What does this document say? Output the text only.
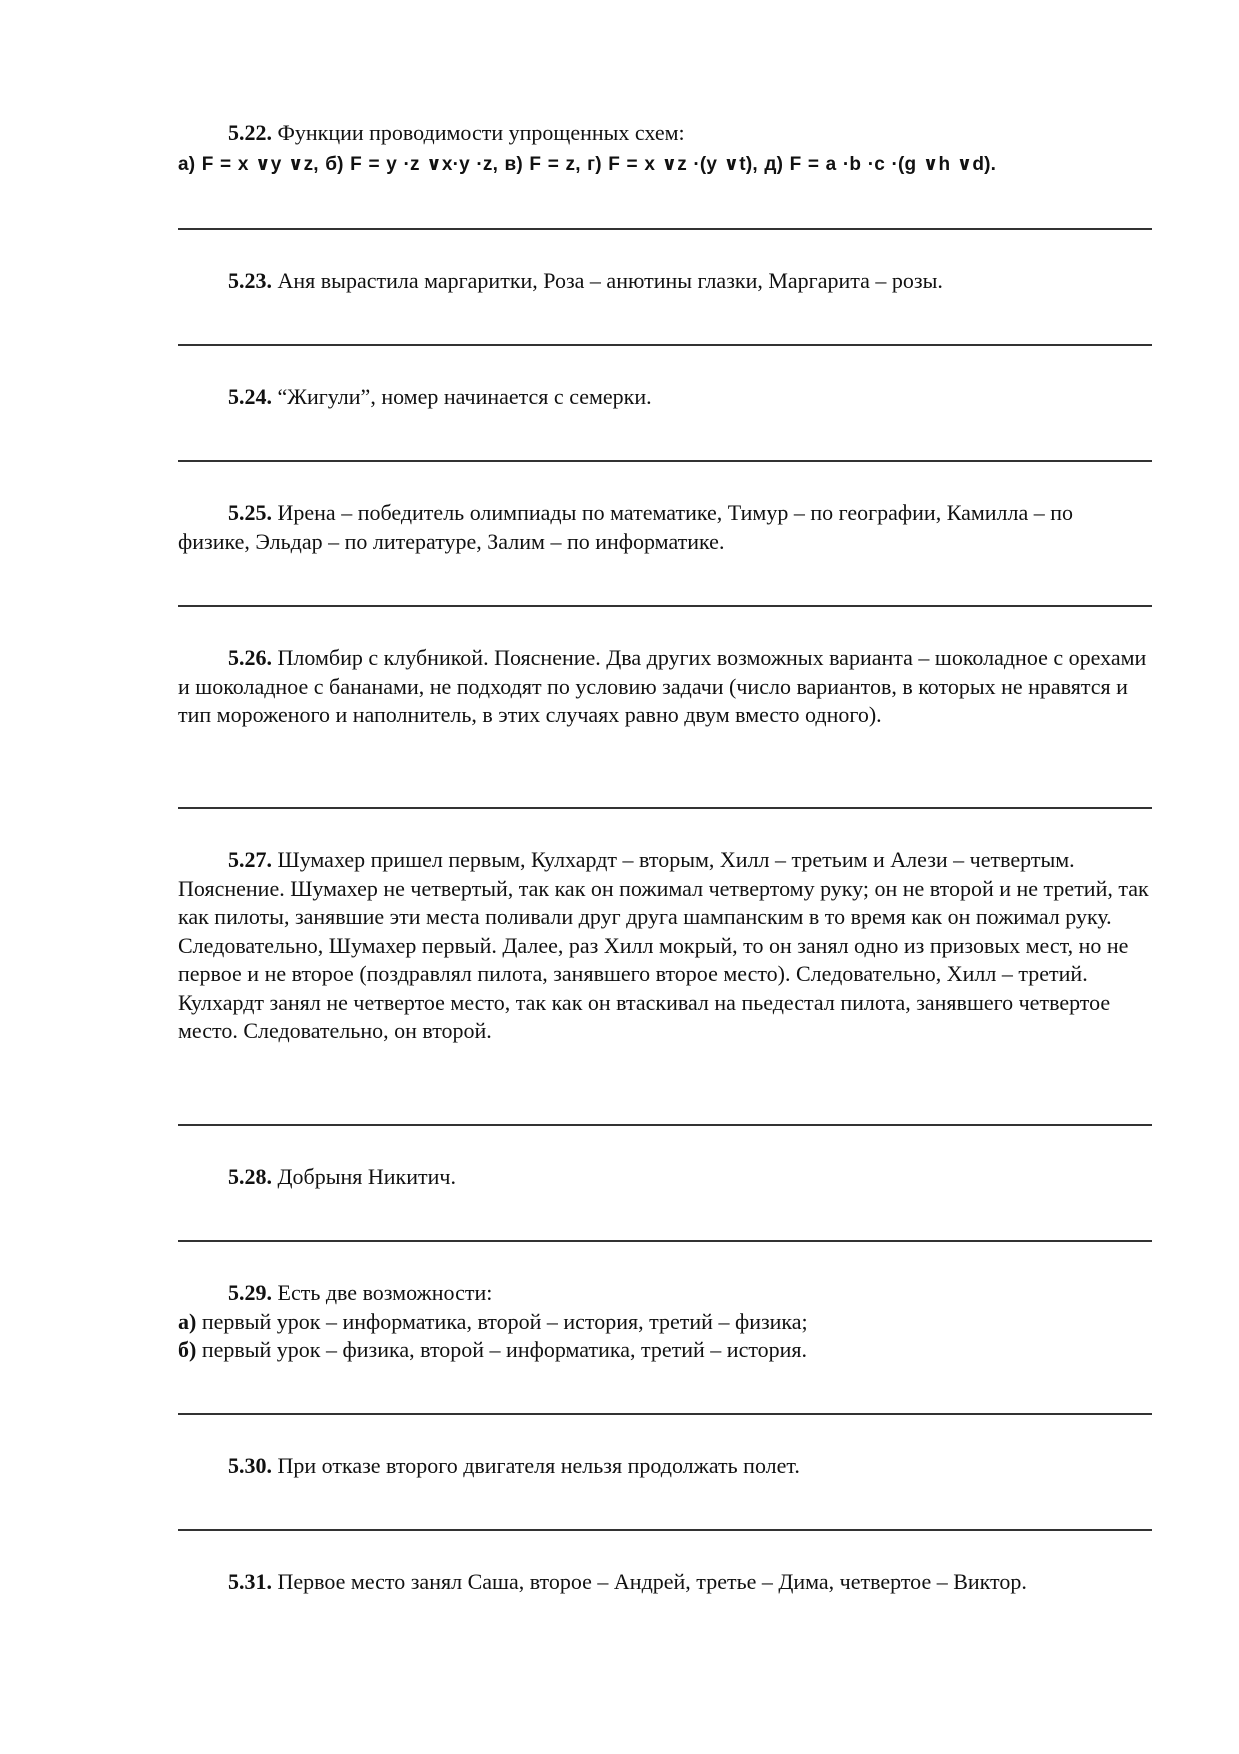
5.22. Функции проводимости упрощенных схем:

а) F = x ∨y ∨z, б) F = y ·z ∨x·y ·z, в) F = z, г) F = x ∨z ·(y ∨t), д) F = a ·b ·c ·(g ∨h ∨d).

5.23. Аня вырастила маргаритки, Роза – анютины глазки, Маргарита – розы.

5.24. “Жигули”, номер начинается с семерки.

5.25. Ирена – победитель олимпиады по математике, Тимур – по географии, Камилла – по физике, Эльдар – по литературе, Залим – по информатике.

5.26. Пломбир с клубникой. Пояснение. Два других возможных варианта – шоколадное с орехами и шоколадное с бананами, не подходят по условию задачи (число вариантов, в которых не нравятся и тип мороженого и наполнитель, в этих случаях равно двум вместо одного).

5.27. Шумахер пришел первым, Кулхардт – вторым, Хилл – третьим и Алези – четвертым. Пояснение. Шумахер не четвертый, так как он пожимал четвертому руку; он не второй и не третий, так как пилоты, занявшие эти места поливали друг друга шампанским в то время как он пожимал руку. Следовательно, Шумахер первый. Далее, раз Хилл мокрый, то он занял одно из призовых мест, но не первое и не второе (поздравлял пилота, занявшего второе место). Следовательно, Хилл – третий. Кулхардт занял не четвертое место, так как он втаскивал на пьедестал пилота, занявшего четвертое место. Следовательно, он второй.

5.28. Добрыня Никитич.

5.29. Есть две возможности:

а) первый урок – информатика, второй – история, третий – физика;

б) первый урок – физика, второй – информатика, третий – история.

5.30. При отказе второго двигателя нельзя продолжать полет.

5.31. Первое место занял Саша, второе – Андрей, третье – Дима, четвертое – Виктор.
